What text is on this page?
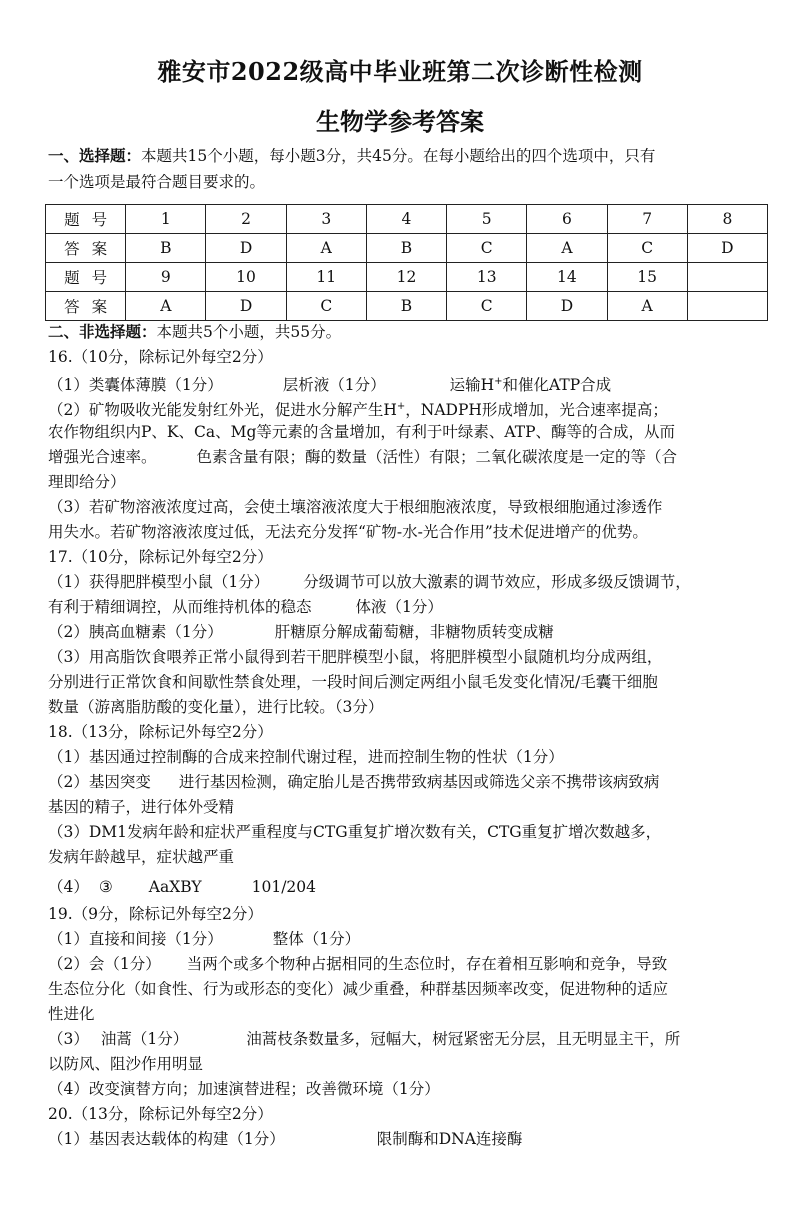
雅安市2022级高中毕业班第二次诊断性检测
生物学参考答案
一、选择题：本题共15个小题，每小题3分，共45分。在每小题给出的四个选项中，只有
一个选项是最符合题目要求的。
题号	1	2	3	4	5	6	7	8
答案	B	D	A	B	C	A	C	D
题号	9	10	11	12	13	14	15	
答案	A	D	C	B	C	D	A	
二、非选择题：本题共5个小题，共55分。
16.（10分，除标记外每空2分）
（1）类囊体薄膜（1分）	层析液（1分）	运输H+和催化ATP合成
（2）矿物吸收光能发射红外光，促进水分解产生H+，NADPH形成增加，光合速率提高；
农作物组织内P、K、Ca、Mg等元素的含量增加，有利于叶绿素、ATP、酶等的合成，从而
增强光合速率。	色素含量有限；酶的数量（活性）有限；二氧化碳浓度是一定的等（合
理即给分）
（3）若矿物溶液浓度过高，会使土壤溶液浓度大于根细胞液浓度，导致根细胞通过渗透作
用失水。若矿物溶液浓度过低，无法充分发挥“矿物-水-光合作用”技术促进增产的优势。
17.（10分，除标记外每空2分）
（1）获得肥胖模型小鼠（1分） 分级调节可以放大激素的调节效应，形成多级反馈调节，
有利于精细调控，从而维持机体的稳态	体液（1分）
（2）胰高血糖素（1分）	肝糖原分解成葡萄糖，非糖物质转变成糖
（3）用高脂饮食喂养正常小鼠得到若干肥胖模型小鼠，将肥胖模型小鼠随机均分成两组，
分别进行正常饮食和间歇性禁食处理，一段时间后测定两组小鼠毛发变化情况/毛囊干细胞
数量（游离脂肪酸的变化量），进行比较。（3分）
18.（13分，除标记外每空2分）
（1）基因通过控制酶的合成来控制代谢过程，进而控制生物的性状（1分）
（2）基因突变 进行基因检测，确定胎儿是否携带致病基因或筛选父亲不携带该病致病
基因的精子，进行体外受精
（3）DM1发病年龄和症状严重程度与CTG重复扩增次数有关，CTG重复扩增次数越多，
发病年龄越早，症状越严重
（4） ③ AaXBY	101/204
19.（9分，除标记外每空2分）
（1）直接和间接（1分）	整体（1分）
（2）会（1分） 当两个或多个物种占据相同的生态位时，存在着相互影响和竞争，导致
生态位分化（如食性、行为或形态的变化）减少重叠，种群基因频率改变，促进物种的适应
性进化
（3） 油蒿（1分）	油蒿枝条数量多，冠幅大，树冠紧密无分层，且无明显主干，所
以防风、阻沙作用明显
（4）改变演替方向；加速演替进程；改善微环境（1分）
20.（13分，除标记外每空2分）
（1）基因表达载体的构建（1分）	限制酶和DNA连接酶
